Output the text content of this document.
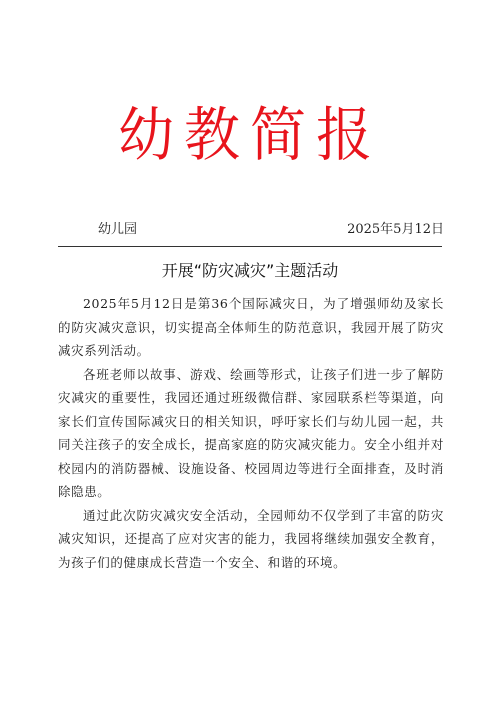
幼教简报
幼儿园	2025年5月12日
开展“防灾减灾”主题活动

2025年5月12日是第36个国际减灾日，为了增强师幼及家长的防灾减灾意识，切实提高全体师生的防范意识，我园开展了防灾减灾系列活动。

各班老师以故事、游戏、绘画等形式，让孩子们进一步了解防灾减灾的重要性，我园还通过班级微信群、家园联系栏等渠道，向家长们宣传国际减灾日的相关知识，呼吁家长们与幼儿园一起，共同关注孩子的安全成长，提高家庭的防灾减灾能力。安全小组并对校园内的消防器械、设施设备、校园周边等进行全面排查，及时消除隐患。

通过此次防灾减灾安全活动，全园师幼不仅学到了丰富的防灾减灾知识，还提高了应对灾害的能力，我园将继续加强安全教育，为孩子们的健康成长营造一个安全、和谐的环境。
